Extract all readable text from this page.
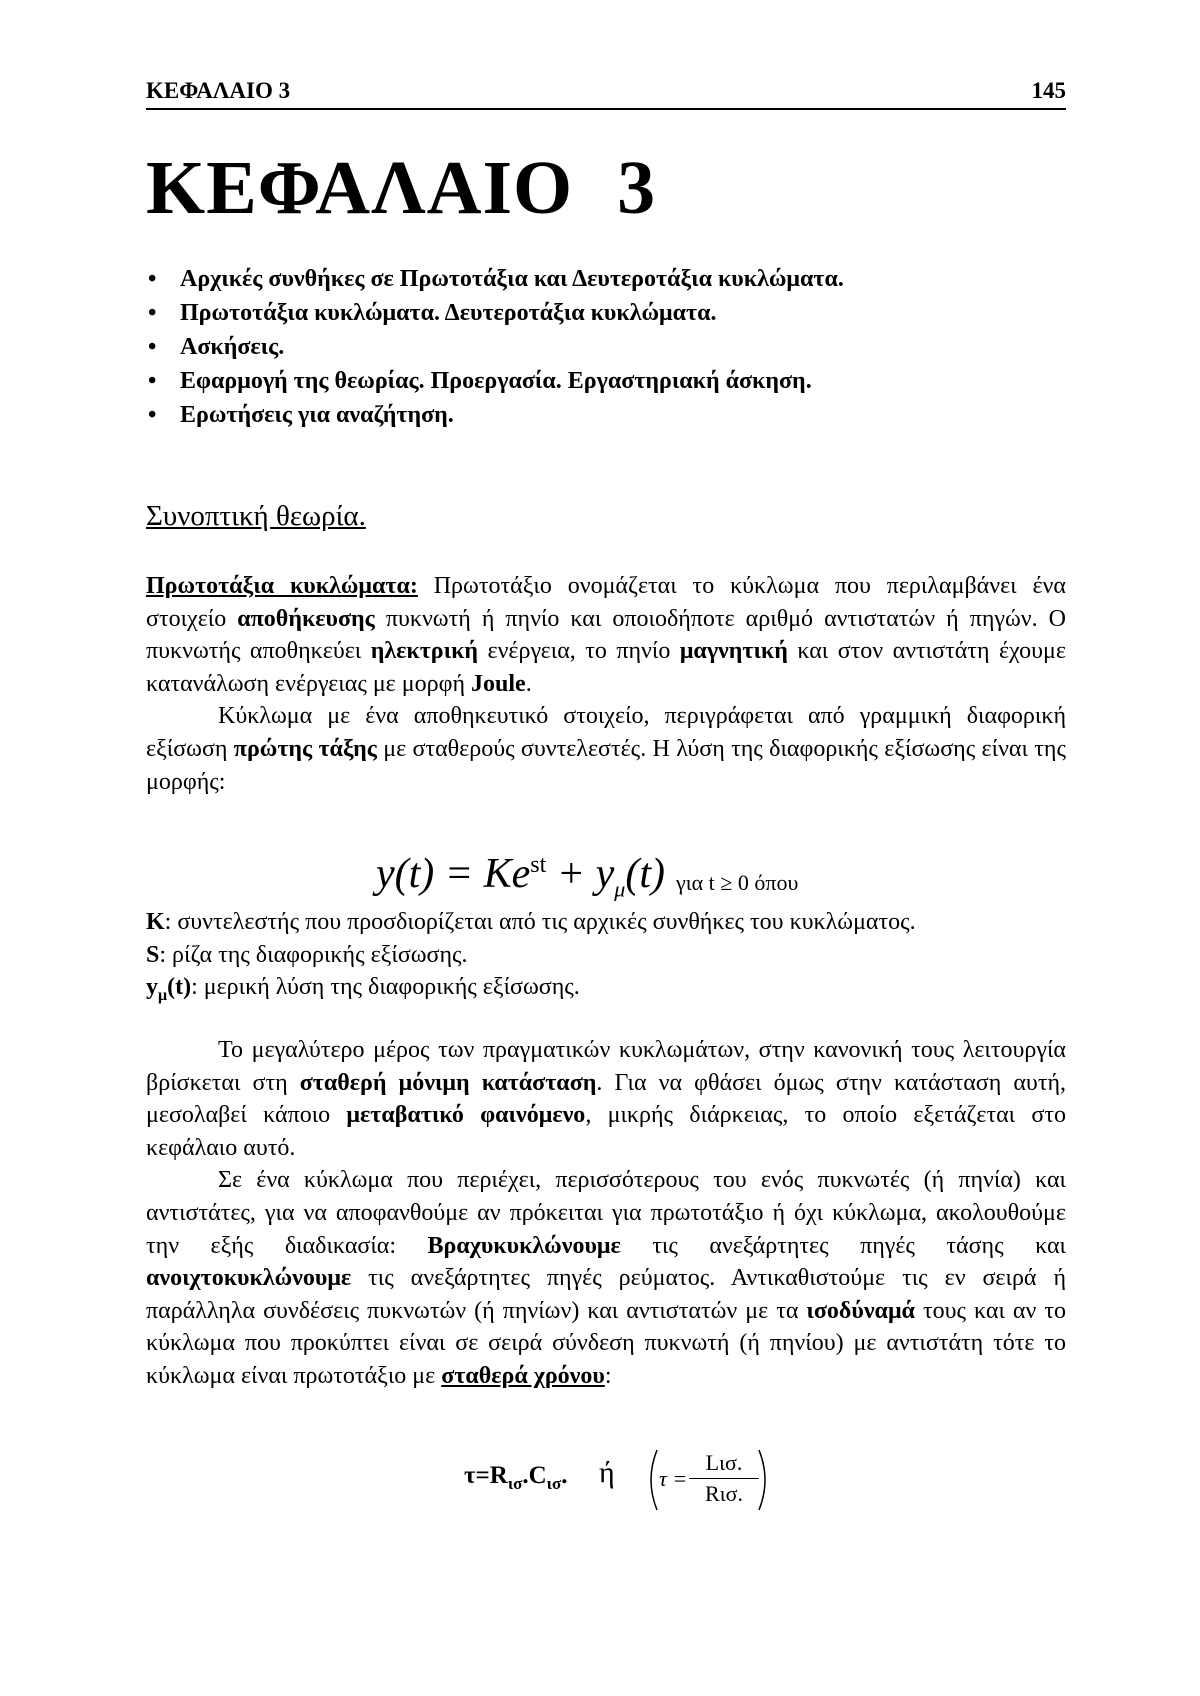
ΚΕΦΑΛΑΙΟ 3	145
ΚΕΦΑΛΑΙΟ 3
• Αρχικές συνθήκες σε Πρωτοτάξια και Δευτεροτάξια κυκλώματα.
• Πρωτοτάξια κυκλώματα. Δευτεροτάξια κυκλώματα.
• Ασκήσεις.
• Εφαρμογή της θεωρίας. Προεργασία. Εργαστηριακή άσκηση.
• Ερωτήσεις για αναζήτηση.
Συνοπτική θεωρία.

Πρωτοτάξια κυκλώματα: Πρωτοτάξιο ονομάζεται το κύκλωμα που περιλαμβάνει ένα στοιχείο αποθήκευσης πυκνωτή ή πηνίο και οποιοδήποτε αριθμό αντιστατών ή πηγών. Ο πυκνωτής αποθηκεύει ηλεκτρική ενέργεια, το πηνίο μαγνητική και στον αντιστάτη έχουμε κατανάλωση ενέργειας με μορφή Joule.

Κύκλωμα με ένα αποθηκευτικό στοιχείο, περιγράφεται από γραμμική διαφορική εξίσωση πρώτης τάξης με σταθερούς συντελεστές. Η λύση της διαφορικής εξίσωσης είναι της μορφής:

$y(t) = Ke^{st} + y_\mu(t)$ για t ≥ 0 όπου

K: συντελεστής που προσδιορίζεται από τις αρχικές συνθήκες του κυκλώματος.

S: ρίζα της διαφορικής εξίσωσης.

$y_\mu(t)$: μερική λύση της διαφορικής εξίσωσης.

Το μεγαλύτερο μέρος των πραγματικών κυκλωμάτων, στην κανονική τους λειτουργία βρίσκεται στη σταθερή μόνιμη κατάσταση. Για να φθάσει όμως στην κατάσταση αυτή, μεσολαβεί κάποιο μεταβατικό φαινόμενο, μικρής διάρκειας, το οποίο εξετάζεται στο κεφάλαιο αυτό.

Σε ένα κύκλωμα που περιέχει, περισσότερους του ενός πυκνωτές (ή πηνία) και αντιστάτες, για να αποφανθούμε αν πρόκειται για πρωτοτάξιο ή όχι κύκλωμα, ακολουθούμε την εξής διαδικασία: Βραχυκυκλώνουμε τις ανεξάρτητες πηγές τάσης και ανοιχτοκυκλώνουμε τις ανεξάρτητες πηγές ρεύματος. Αντικαθιστούμε τις εν σειρά ή παράλληλα συνδέσεις πυκνωτών (ή πηνίων) και αντιστατών με τα ισοδύναμά τους και αν το κύκλωμα που προκύπτει είναι σε σειρά σύνδεση πυκνωτή (ή πηνίου) με αντιστάτη τότε το κύκλωμα είναι πρωτοτάξιο με σταθερά χρόνου:

$\tau=R_{\iota\sigma}.C_{\iota\sigma}$. ή τ =
Lισ.
Rισ.
